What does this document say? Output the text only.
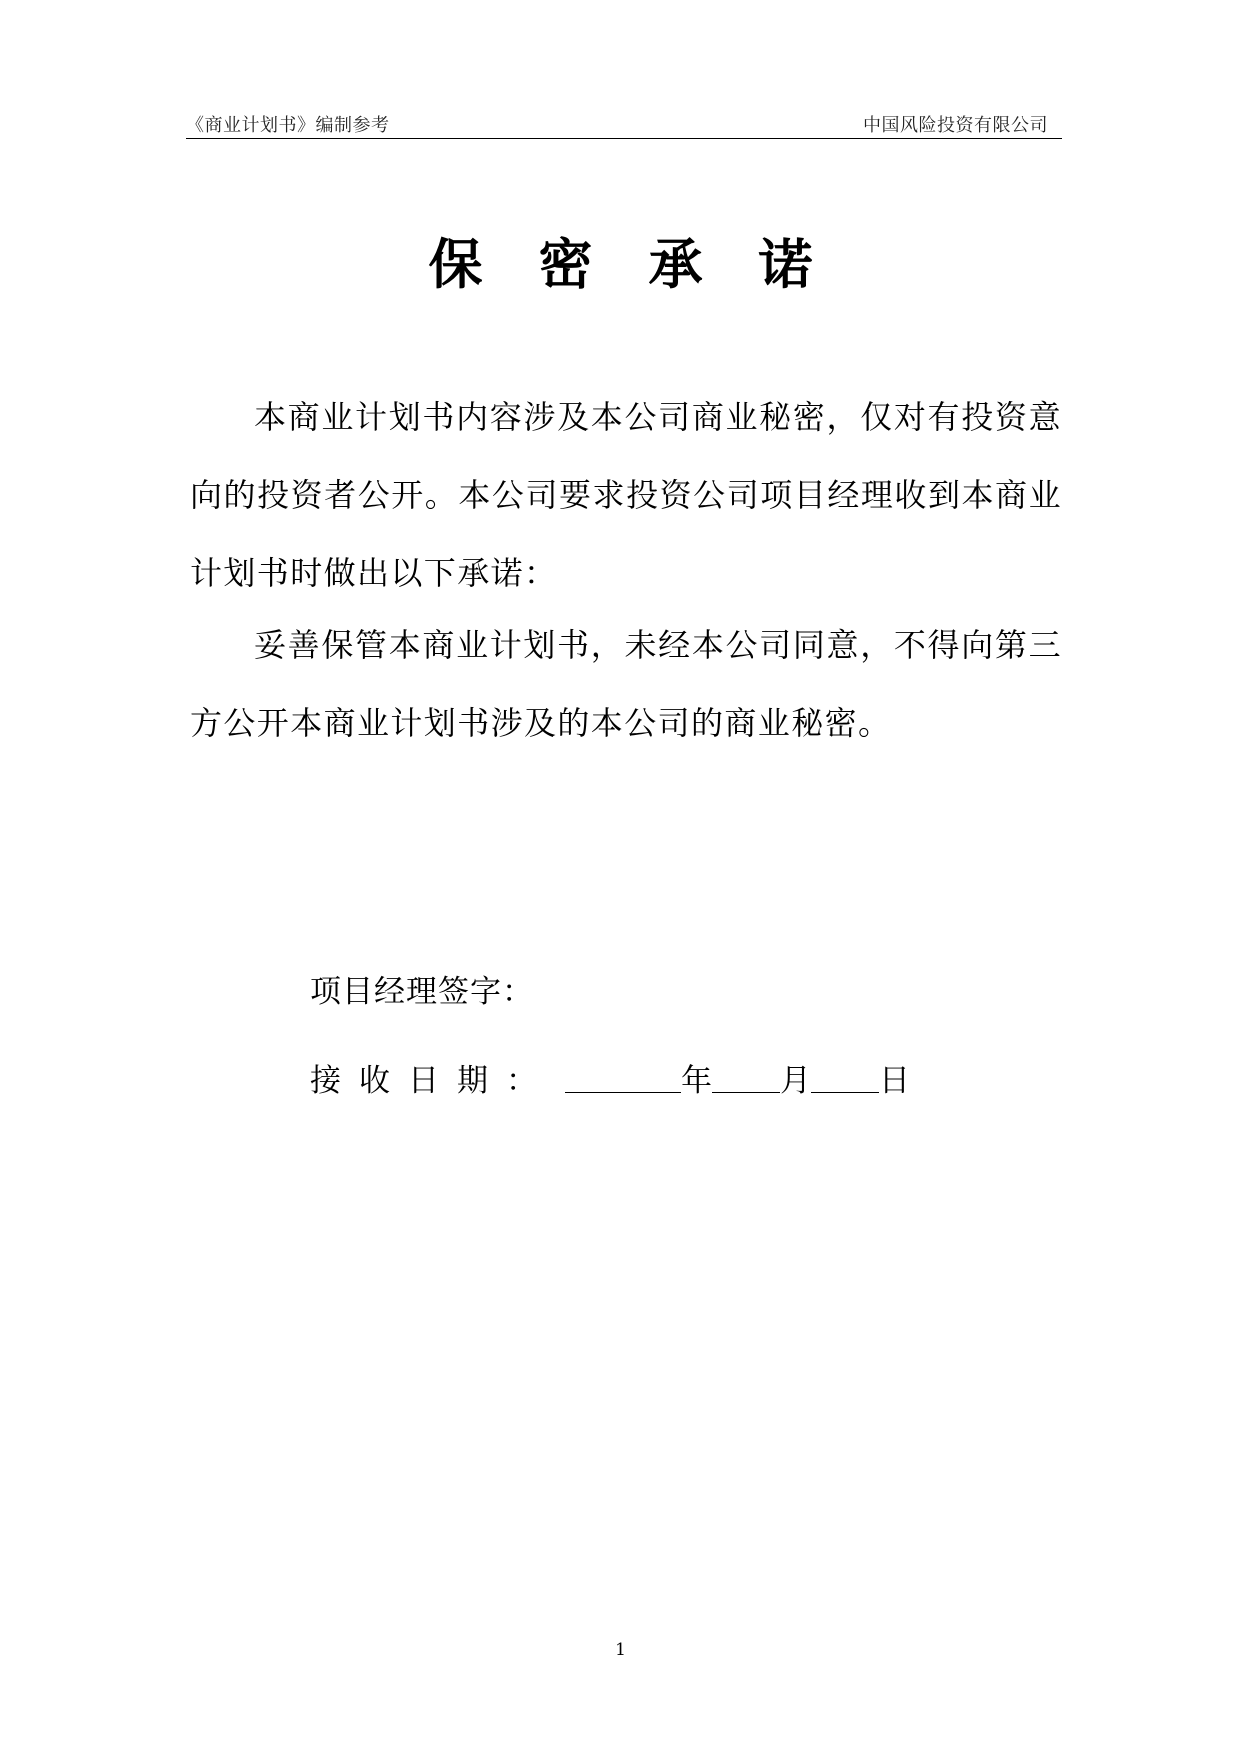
《商业计划书》编制参考	中国风险投资有限公司
保密承诺
本商业计划书内容涉及本公司商业秘密，仅对有投资意向的投资者公开。本公司要求投资公司项目经理收到本商业计划书时做出以下承诺：
妥善保管本商业计划书，未经本公司同意，不得向第三方公开本商业计划书涉及的本公司的商业秘密。
项目经理签字：
接收日期：	年 月 日
1
